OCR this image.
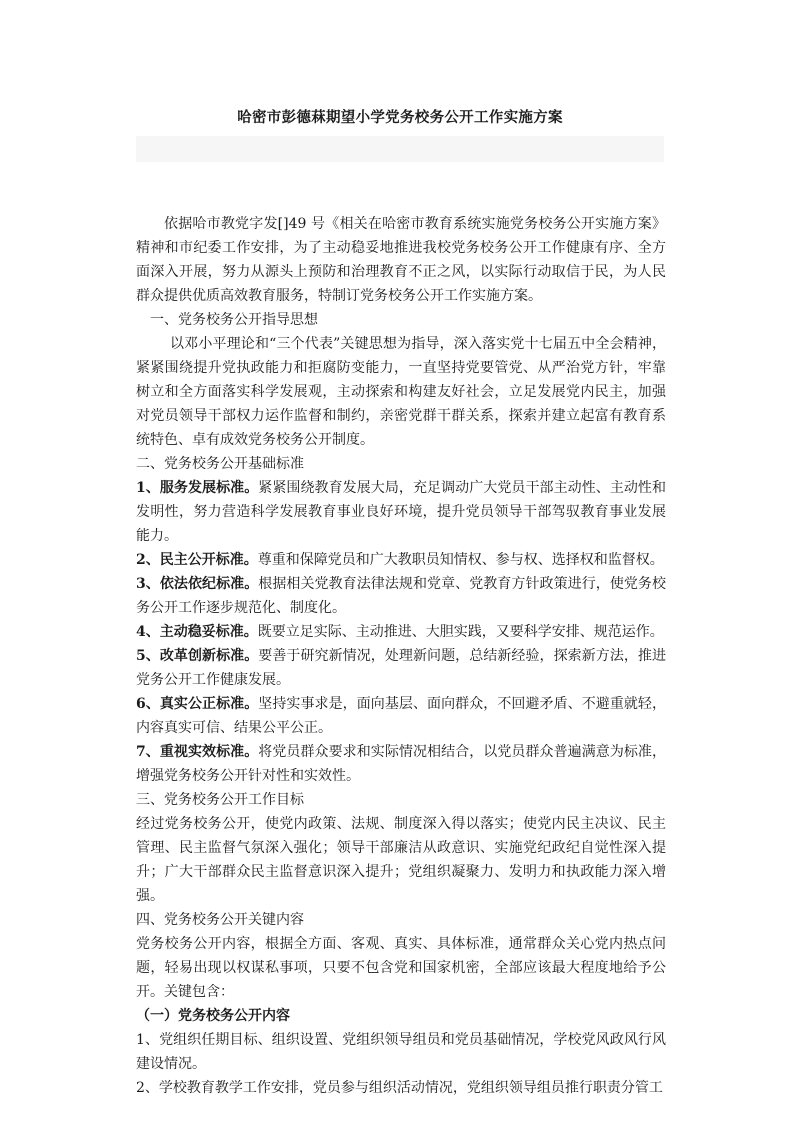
哈密市彭德菻期望小学党务校务公开工作实施方案

依据哈市教党字发[]49 号《相关在哈密市教育系统实施党务校务公开实施方案》精神和市纪委工作安排，为了主动稳妥地推进我校党务校务公开工作健康有序、全方面深入开展，努力从源头上预防和治理教育不正之风，以实际行动取信于民，为人民群众提供优质高效教育服务，特制订党务校务公开工作实施方案。

一、党务校务公开指导思想

以邓小平理论和“三个代表”关键思想为指导，深入落实党十七届五中全会精神，紧紧围绕提升党执政能力和拒腐防变能力，一直坚持党要管党、从严治党方针，牢靠树立和全方面落实科学发展观，主动探索和构建友好社会，立足发展党内民主，加强对党员领导干部权力运作监督和制约，亲密党群干群关系，探索并建立起富有教育系统特色、卓有成效党务校务公开制度。

二、党务校务公开基础标准

1、服务发展标准。紧紧围绕教育发展大局，充足调动广大党员干部主动性、主动性和发明性，努力营造科学发展教育事业良好环境，提升党员领导干部驾驭教育事业发展能力。

2、民主公开标准。尊重和保障党员和广大教职员知情权、参与权、选择权和监督权。

3、依法依纪标准。根据相关党教育法律法规和党章、党教育方针政策进行，使党务校务公开工作逐步规范化、制度化。

4、主动稳妥标准。既要立足实际、主动推进、大胆实践，又要科学安排、规范运作。

5、改革创新标准。要善于研究新情况，处理新问题，总结新经验，探索新方法，推进党务公开工作健康发展。

6、真实公正标准。坚持实事求是，面向基层、面向群众，不回避矛盾、不避重就轻，内容真实可信、结果公平公正。

7、重视实效标准。将党员群众要求和实际情况相结合，以党员群众普遍满意为标准，增强党务校务公开针对性和实效性。

三、党务校务公开工作目标

经过党务校务公开，使党内政策、法规、制度深入得以落实；使党内民主决议、民主管理、民主监督气氛深入强化；领导干部廉洁从政意识、实施党纪政纪自觉性深入提升；广大干部群众民主监督意识深入提升；党组织凝聚力、发明力和执政能力深入增强。

四、党务校务公开关键内容

党务校务公开内容，根据全方面、客观、真实、具体标准，通常群众关心党内热点问题，轻易出现以权谋私事项，只要不包含党和国家机密，全部应该最大程度地给予公开。关键包含：

（一）党务校务公开内容

1、党组织任期目标、组织设置、党组织领导组员和党员基础情况，学校党风政风行风建设情况。

2、学校教育教学工作安排，党员参与组织活动情况，党组织领导组员推行职责分管工
